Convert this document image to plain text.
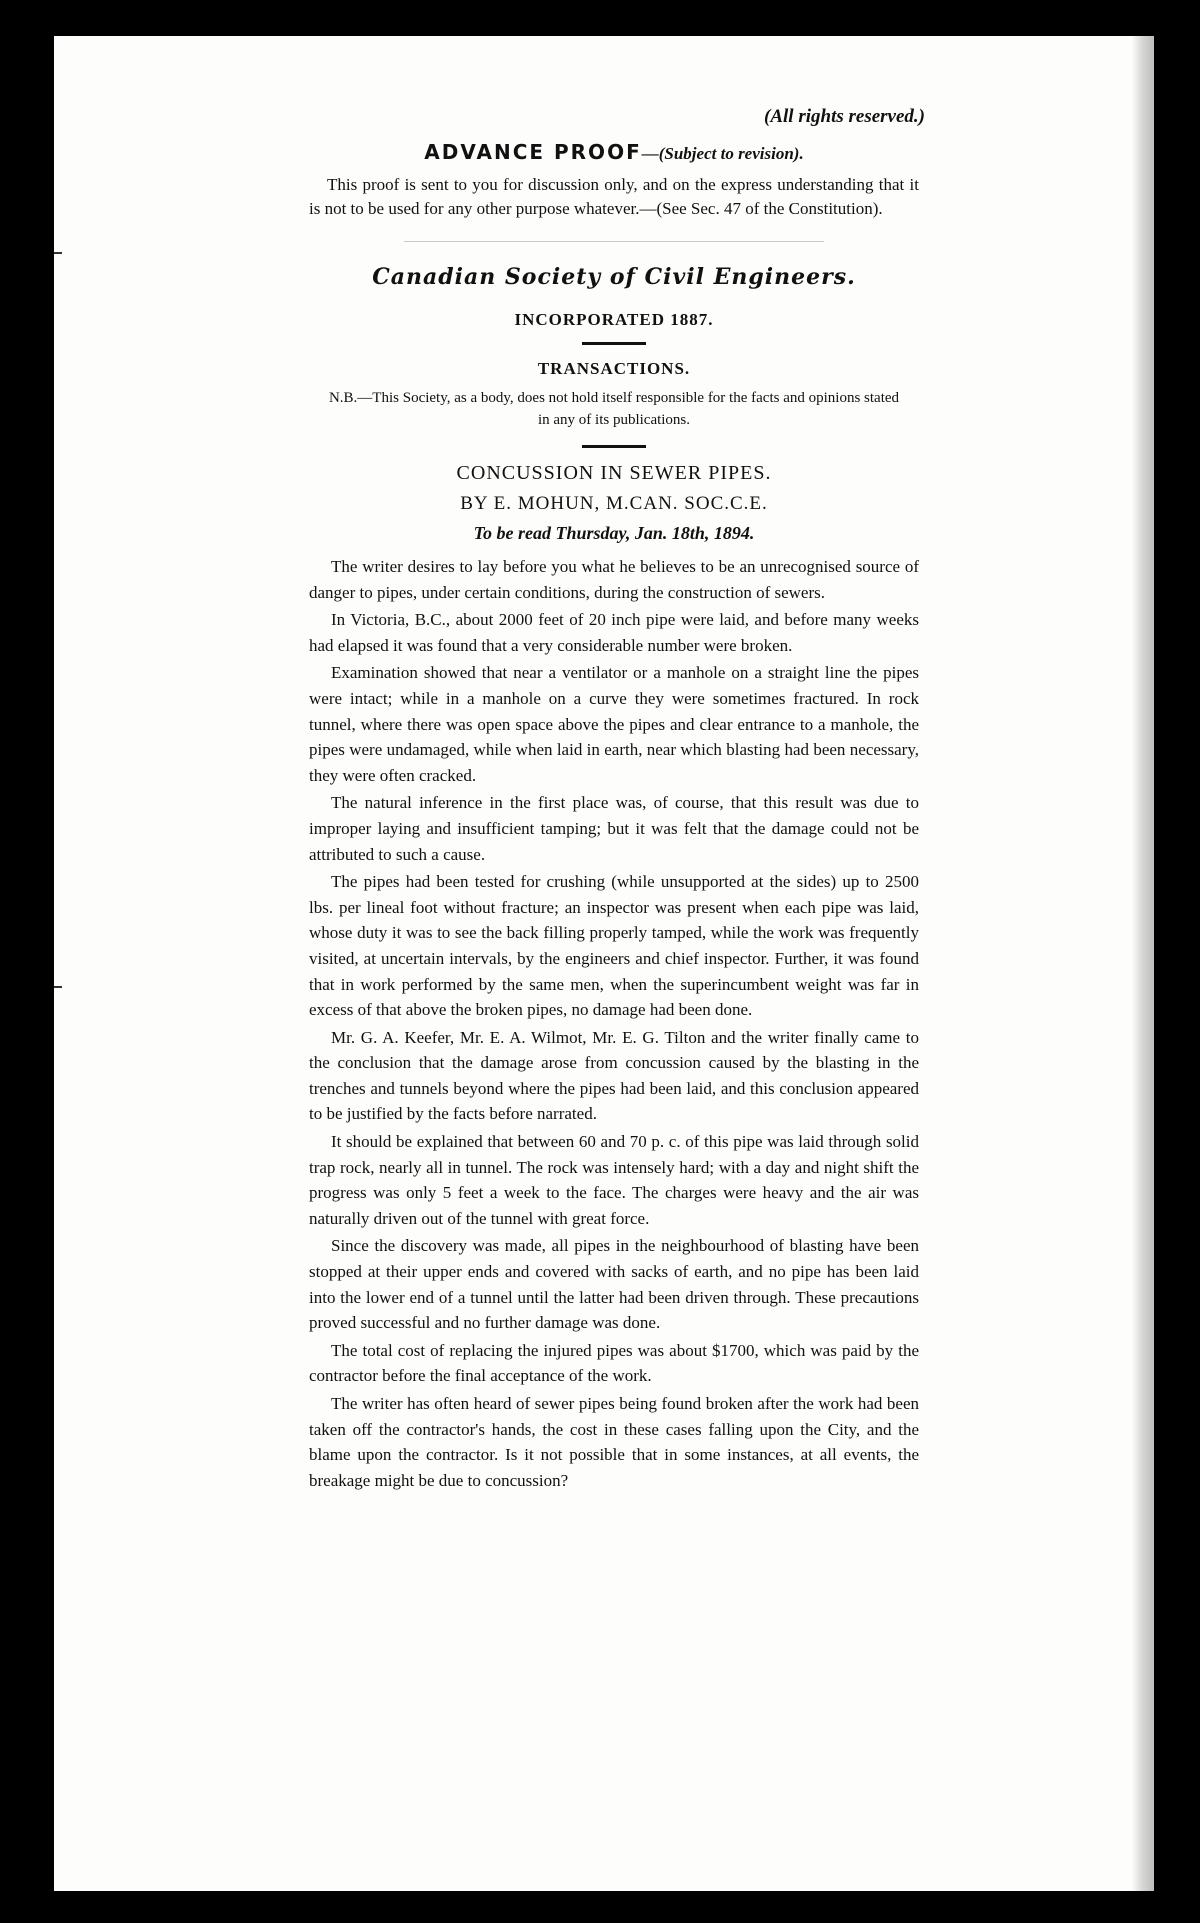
(All rights reserved.)
ADVANCE PROOF—(Subject to revision).

This proof is sent to you for discussion only, and on the express understanding that it is not to be used for any other purpose whatever.—(See Sec. 47 of the Constitution).

Canadian Society of Civil Engineers.
INCORPORATED 1887.
TRANSACTIONS.
N.B.—This Society, as a body, does not hold itself responsible for the facts and opinions stated in any of its publications.
CONCUSSION IN SEWER PIPES.
BY E. MOHUN, M.CAN. SOC.C.E.
To be read Thursday, Jan. 18th, 1894.

The writer desires to lay before you what he believes to be an unrecognised source of danger to pipes, under certain conditions, during the construction of sewers.

In Victoria, B.C., about 2000 feet of 20 inch pipe were laid, and before many weeks had elapsed it was found that a very considerable number were broken.

Examination showed that near a ventilator or a manhole on a straight line the pipes were intact; while in a manhole on a curve they were sometimes fractured. In rock tunnel, where there was open space above the pipes and clear entrance to a manhole, the pipes were undamaged, while when laid in earth, near which blasting had been necessary, they were often cracked.

The natural inference in the first place was, of course, that this result was due to improper laying and insufficient tamping; but it was felt that the damage could not be attributed to such a cause.

The pipes had been tested for crushing (while unsupported at the sides) up to 2500 lbs. per lineal foot without fracture; an inspector was present when each pipe was laid, whose duty it was to see the back filling properly tamped, while the work was frequently visited, at uncertain intervals, by the engineers and chief inspector. Further, it was found that in work performed by the same men, when the superincumbent weight was far in excess of that above the broken pipes, no damage had been done.

Mr. G. A. Keefer, Mr. E. A. Wilmot, Mr. E. G. Tilton and the writer finally came to the conclusion that the damage arose from concussion caused by the blasting in the trenches and tunnels beyond where the pipes had been laid, and this conclusion appeared to be justified by the facts before narrated.

It should be explained that between 60 and 70 p. c. of this pipe was laid through solid trap rock, nearly all in tunnel. The rock was intensely hard; with a day and night shift the progress was only 5 feet a week to the face. The charges were heavy and the air was naturally driven out of the tunnel with great force.

Since the discovery was made, all pipes in the neighbourhood of blasting have been stopped at their upper ends and covered with sacks of earth, and no pipe has been laid into the lower end of a tunnel until the latter had been driven through. These precautions proved successful and no further damage was done.

The total cost of replacing the injured pipes was about $1700, which was paid by the contractor before the final acceptance of the work.

The writer has often heard of sewer pipes being found broken after the work had been taken off the contractor's hands, the cost in these cases falling upon the City, and the blame upon the contractor. Is it not possible that in some instances, at all events, the breakage might be due to concussion?
